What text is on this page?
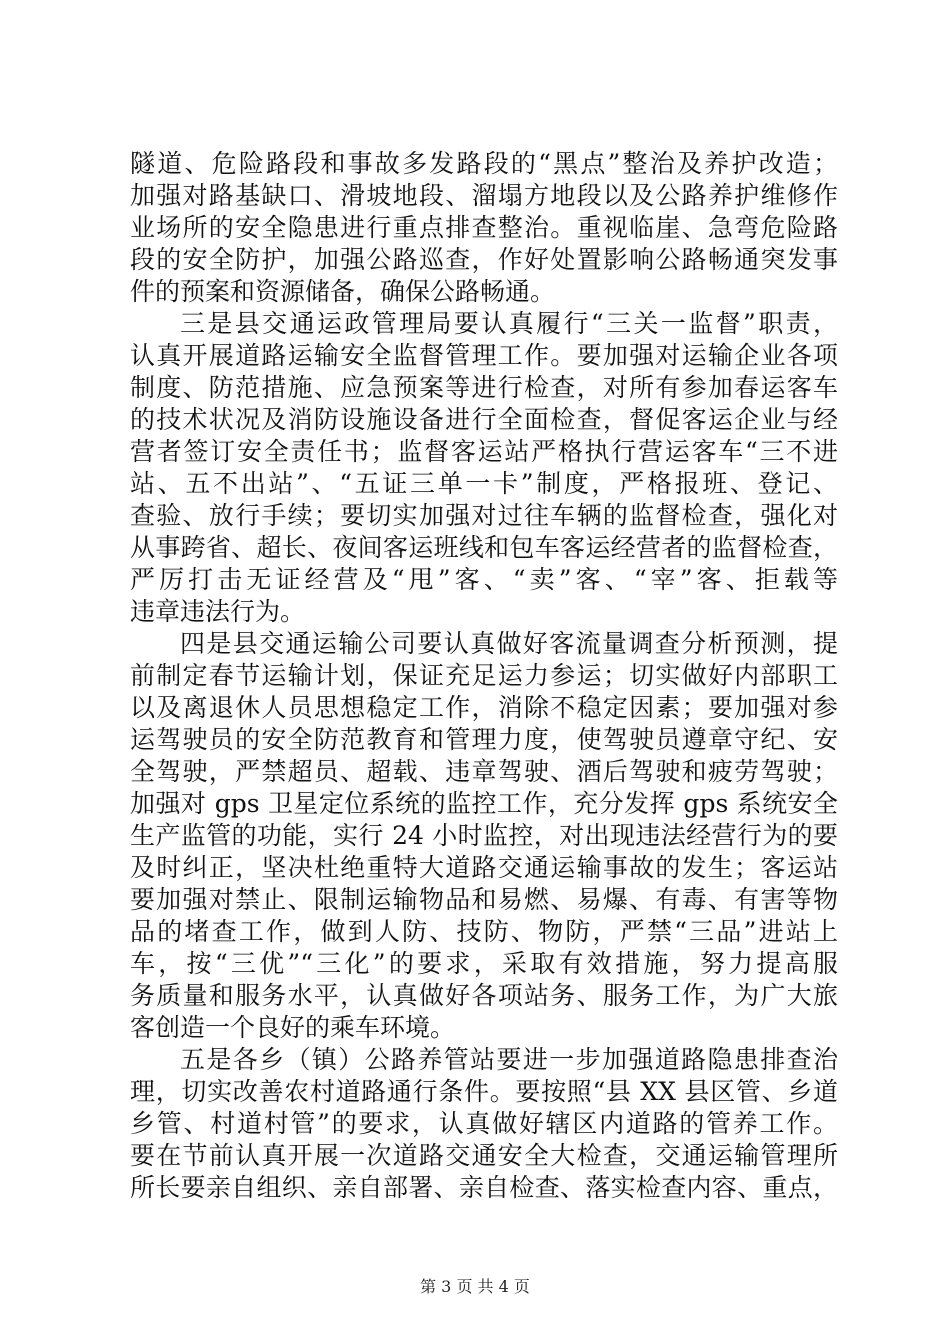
隧道、危险路段和事故多发路段的“黑点”整治及养护改造；
加强对路基缺口、滑坡地段、溜塌方地段以及公路养护维修作
业场所的安全隐患进行重点排查整治。重视临崖、急弯危险路
段的安全防护，加强公路巡查，作好处置影响公路畅通突发事
件的预案和资源储备，确保公路畅通。
三是县交通运政管理局要认真履行“三关一监督”职责，
认真开展道路运输安全监督管理工作。要加强对运输企业各项
制度、防范措施、应急预案等进行检查，对所有参加春运客车
的技术状况及消防设施设备进行全面检查，督促客运企业与经
营者签订安全责任书；监督客运站严格执行营运客车“三不进
站、五不出站”、“五证三单一卡”制度，严格报班、登记、
查验、放行手续；要切实加强对过往车辆的监督检查，强化对
从事跨省、超长、夜间客运班线和包车客运经营者的监督检查，
严厉打击无证经营及“甩”客、“卖”客、“宰”客、拒载等
违章违法行为。
四是县交通运输公司要认真做好客流量调查分析预测，提
前制定春节运输计划，保证充足运力参运；切实做好内部职工
以及离退休人员思想稳定工作，消除不稳定因素；要加强对参
运驾驶员的安全防范教育和管理力度，使驾驶员遵章守纪、安
全驾驶，严禁超员、超载、违章驾驶、酒后驾驶和疲劳驾驶；
加强对 gps 卫星定位系统的监控工作，充分发挥 gps 系统安全
生产监管的功能，实行 24 小时监控，对出现违法经营行为的要
及时纠正，坚决杜绝重特大道路交通运输事故的发生；客运站
要加强对禁止、限制运输物品和易燃、易爆、有毒、有害等物
品的堵查工作，做到人防、技防、物防，严禁“三品”进站上
车，按“三优”“三化”的要求，采取有效措施，努力提高服
务质量和服务水平，认真做好各项站务、服务工作，为广大旅
客创造一个良好的乘车环境。
五是各乡（镇）公路养管站要进一步加强道路隐患排查治
理，切实改善农村道路通行条件。要按照“县 XX 县区管、乡道
乡管、村道村管”的要求，认真做好辖区内道路的管养工作。
要在节前认真开展一次道路交通安全大检查，交通运输管理所
所长要亲自组织、亲自部署、亲自检查、落实检查内容、重点，
第 3 页 共 4 页
